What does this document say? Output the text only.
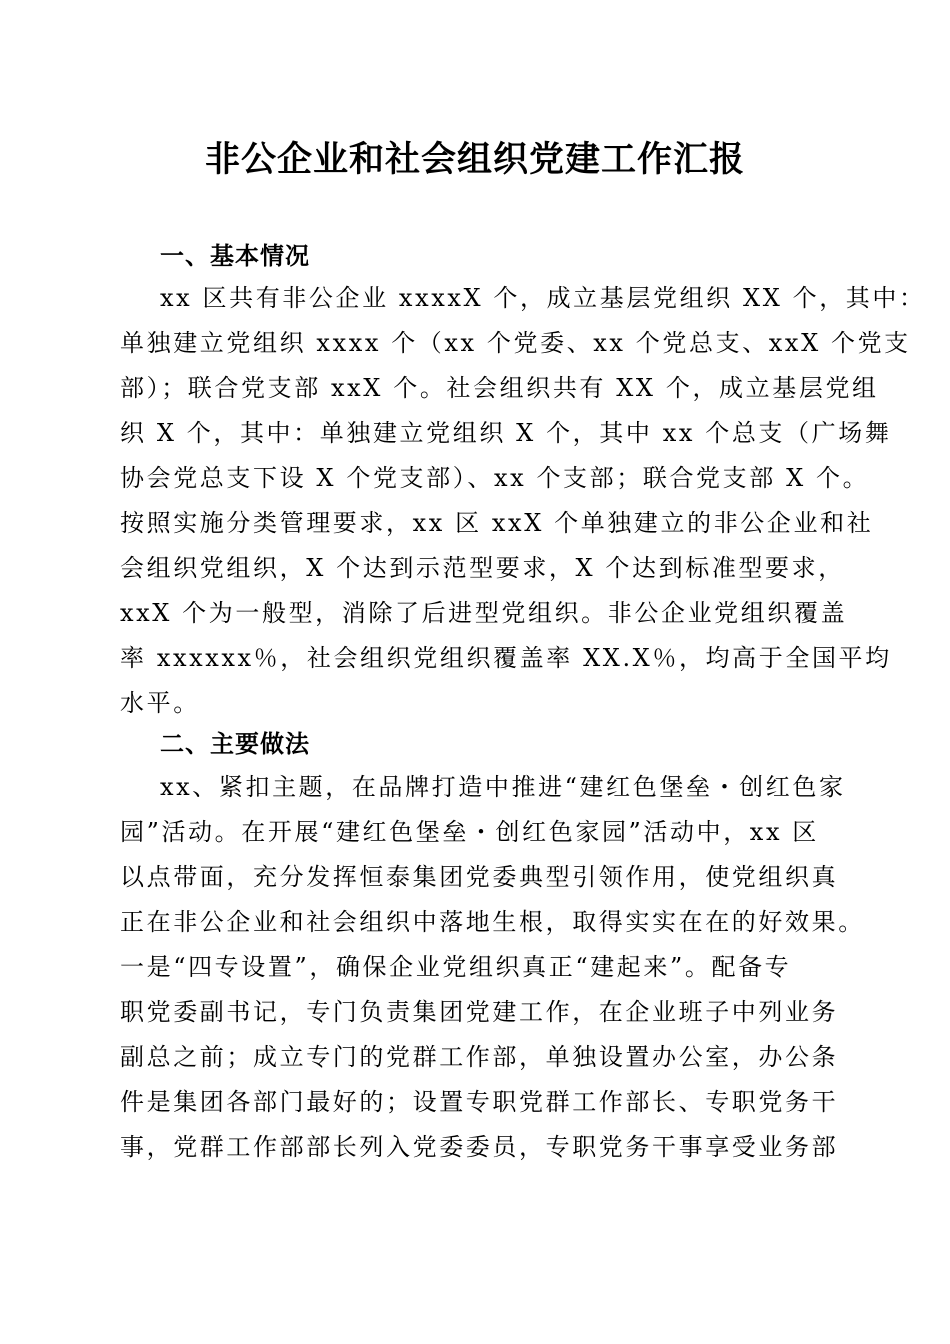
非公企业和社会组织党建工作汇报
一、基本情况
xx 区共有非公企业 xxxxX 个，成立基层党组织 XX 个，其中：
单独建立党组织 xxxx 个（xx 个党委、xx 个党总支、xxX 个党支
部）；联合党支部 xxX 个。社会组织共有 XX 个，成立基层党组
织 X 个，其中：单独建立党组织 X 个，其中 xx 个总支（广场舞
协会党总支下设 X 个党支部）、xx 个支部；联合党支部 X 个。
按照实施分类管理要求，xx 区 xxX 个单独建立的非公企业和社
会组织党组织，X 个达到示范型要求，X 个达到标准型要求，
xxX 个为一般型，消除了后进型党组织。非公企业党组织覆盖
率 xxxxxx％，社会组织党组织覆盖率 XX.X％，均高于全国平均
水平。
二、主要做法
xx、紧扣主题，在品牌打造中推进“建红色堡垒・创红色家
园”活动。在开展“建红色堡垒・创红色家园”活动中，xx 区
以点带面，充分发挥恒泰集团党委典型引领作用，使党组织真
正在非公企业和社会组织中落地生根，取得实实在在的好效果。
一是“四专设置”，确保企业党组织真正“建起来”。配备专
职党委副书记，专门负责集团党建工作，在企业班子中列业务
副总之前；成立专门的党群工作部，单独设置办公室，办公条
件是集团各部门最好的；设置专职党群工作部长、专职党务干
事，党群工作部部长列入党委委员，专职党务干事享受业务部
